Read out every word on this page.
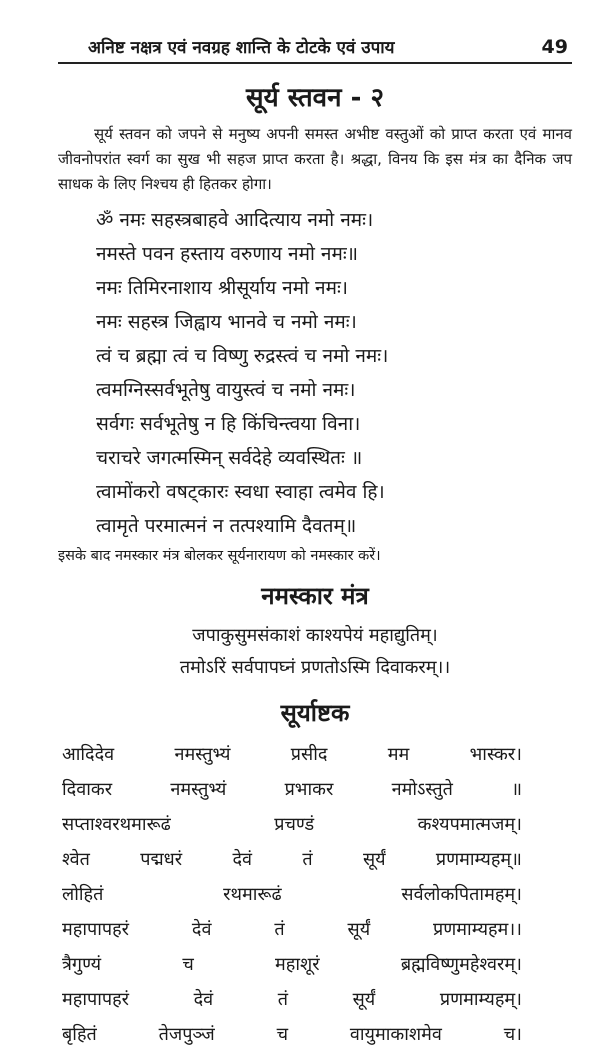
अनिष्ट नक्षत्र एवं नवग्रह शान्ति के टोटके एवं उपाय	49
सूर्य स्तवन - २

सूर्य स्तवन को जपने से मनुष्य अपनी समस्त अभीष्ट वस्तुओं को प्राप्त करता एवं मानव जीवनोपरांत स्वर्ग का सुख भी सहज प्राप्त करता है। श्रद्धा, विनय कि इस मंत्र का दैनिक जप साधक के लिए निश्चय ही हितकर होगा।

ॐ नमः सहस्त्रबाहवे आदित्याय नमो नमः।
नमस्ते पवन हस्ताय वरुणाय नमो नमः॥
नमः तिमिरनाशाय श्रीसूर्याय नमो नमः।
नमः सहस्त्र जिह्वाय भानवे च नमो नमः।
त्वं च ब्रह्मा त्वं च विष्णु रुद्रस्त्वं च नमो नमः।
त्वमग्निस्सर्वभूतेषु वायुस्त्वं च नमो नमः।
सर्वगः सर्वभूतेषु न हि किंचिन्त्वया विना।
चराचरे जगत्मस्मिन् सर्वदेहे व्यवस्थितः ॥
त्वामोंकरो वषट्कारः स्वधा स्वाहा त्वमेव हि।
त्वामृते परमात्मनं न तत्पश्यामि दैवतम्॥

इसके बाद नमस्कार मंत्र बोलकर सूर्यनारायण को नमस्कार करें।

नमस्कार मंत्र
जपाकुसुमसंकाशं काश्यपेयं महाद्युतिम्।
तमोऽरिं सर्वपापघ्नं प्रणतोऽस्मि दिवाकरम्।।
सूर्याष्टक
आदिदेव	नमस्तुभ्यं	प्रसीद	मम	भास्कर।
दिवाकर	नमस्तुभ्यं	प्रभाकर	नमोऽस्तुते	॥
सप्ताश्वरथमारूढं	प्रचण्डं	कश्यपमात्मजम्।
श्वेत	पद्मधरं	देवं	तं	सूर्यं	प्रणमाम्यहम्॥
लोहितं	रथमारूढं	सर्वलोकपितामहम्।
महापापहरं	देवं	तं	सूर्यं	प्रणमाम्यहम।।
त्रैगुण्यं	च	महाशूरं	ब्रह्मविष्णुमहेश्वरम्।
महापापहरं	देवं	तं	सूर्यं	प्रणमाम्यहम्।
बृहितं	तेजपुञ्जं	च	वायुमाकाशमेव	च।
